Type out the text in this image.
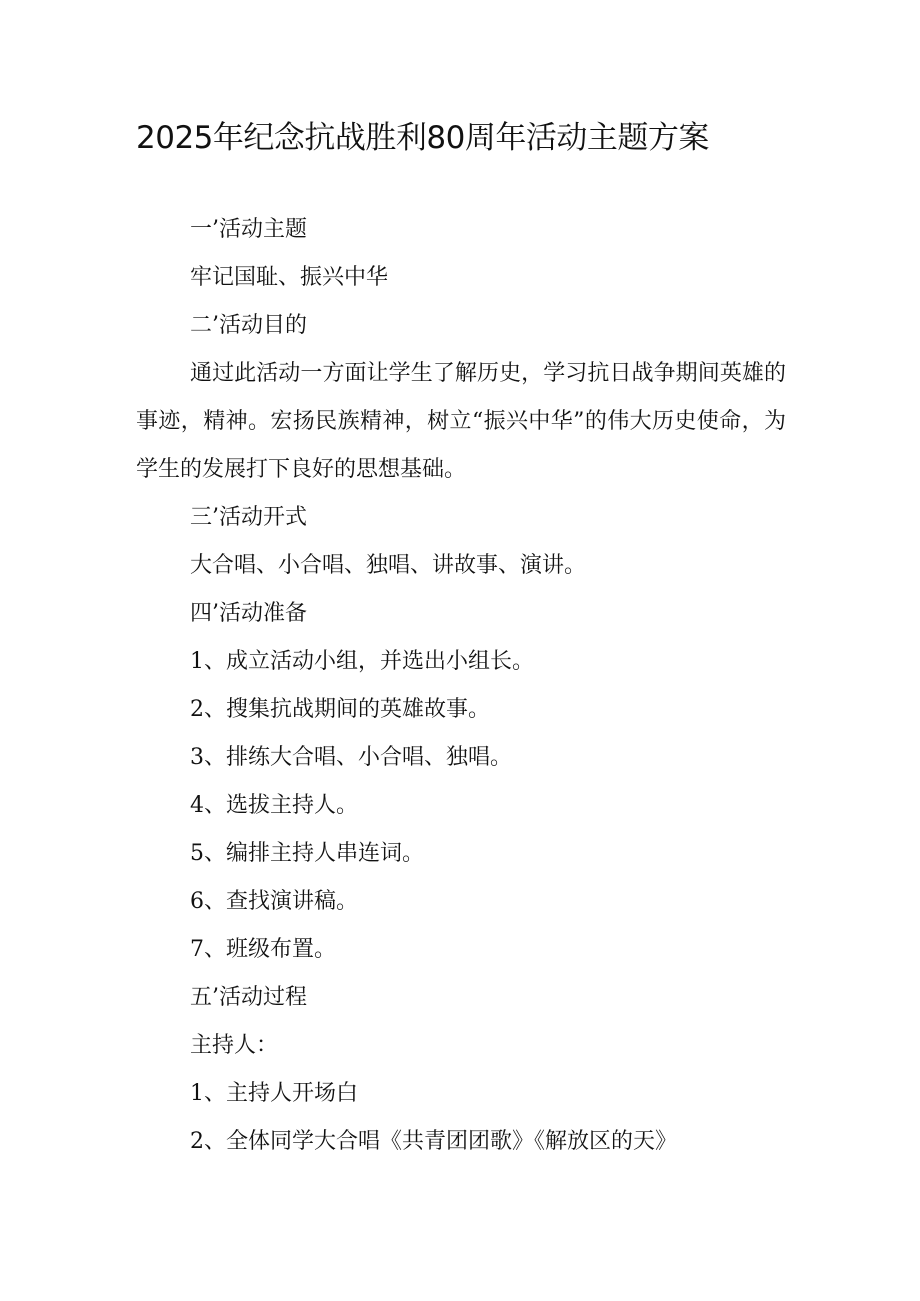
2025年纪念抗战胜利80周年活动主题方案

一’活动主题

牢记国耻、振兴中华

二’活动目的

通过此活动一方面让学生了解历史，学习抗日战争期间英雄的事迹，精神。宏扬民族精神，树立“振兴中华”的伟大历史使命，为学生的发展打下良好的思想基础。

三’活动开式

大合唱、小合唱、独唱、讲故事、演讲。

四’活动准备

1、成立活动小组，并选出小组长。

2、搜集抗战期间的英雄故事。

3、排练大合唱、小合唱、独唱。

4、选拔主持人。

5、编排主持人串连词。

6、查找演讲稿。

7、班级布置。

五’活动过程

主持人：

1、主持人开场白

2、全体同学大合唱《共青团团歌》《解放区的天》
